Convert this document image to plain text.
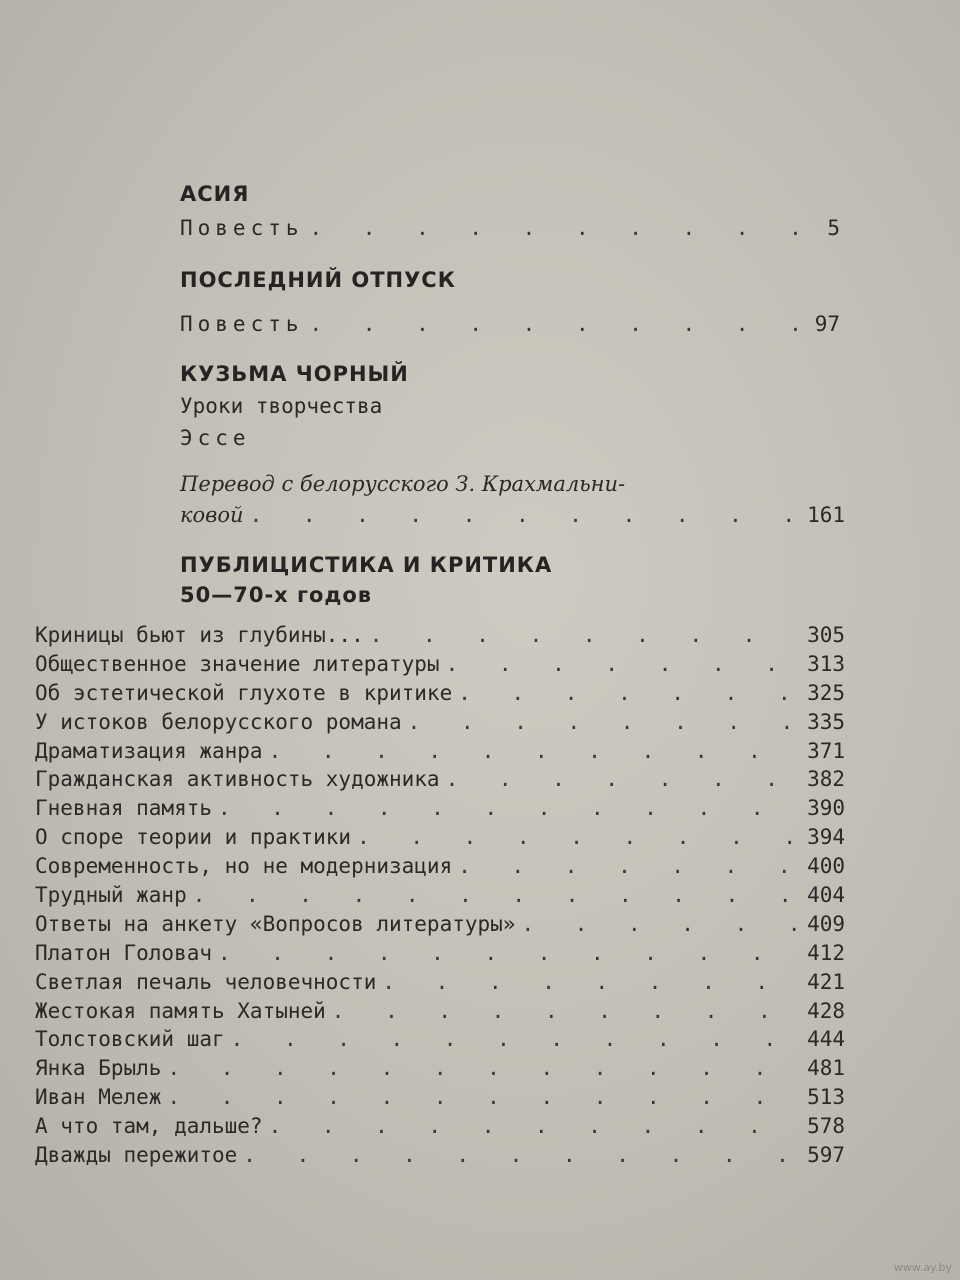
АСИЯ
Повесть . . .	5
ПОСЛЕДНИЙ ОТПУСК
Повесть . . .	97
КУЗЬМА ЧОРНЫЙ
Уроки творчества
Эссе
Перевод с белорусского З. Крахмальни-
ковой . . .	161
ПУБЛИЦИСТИКА И КРИТИКА
50—70-х годов
Криницы бьют из глубины... . . .	305
Общественное значение литературы . . .	313
Об эстетической глухоте в критике . . .	325
У истоков белорусского романа . . .	335
Драматизация жанра . . .	371
Гражданская активность художника . . .	382
Гневная память . . .	390
О споре теории и практики . . .	394
Современность, но не модернизация . . .	400
Трудный жанр . . .	404
Ответы на анкету «Вопросов литературы» . . .	409
Платон Головач . . .	412
Светлая печаль человечности . . .	421
Жестокая память Хатыней . . .	428
Толстовский шаг . . .	444
Янка Брыль . . .	481
Иван Мележ . . .	513
А что там, дальше? . . .	578
Дважды пережитое . . .	597
www.ay.by
